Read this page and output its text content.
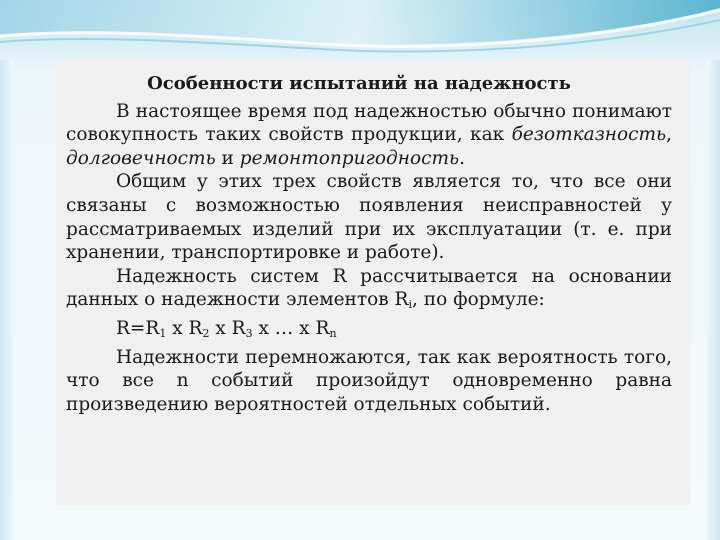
Особенности испытаний на надежность

В настоящее время под надежностью обычно понимают совокупность таких свойств продукции, как безотказность, долговечность и ремонтопригодность.

Общим у этих трех свойств является то, что все они связаны с возможностью появления неисправностей у рассматриваемых изделий при их эксплуатации (т. е. при хранении, транспортировке и работе).

Надежность систем R рассчитывается на основании данных о надежности элементов $R_i$, по формуле:

$R=R_1$ x $R_2$ x $R_3$ x … x $R_n$

Надежности перемножаются, так как вероятность того, что все n событий произойдут одновременно равна произведению вероятностей отдельных событий.
